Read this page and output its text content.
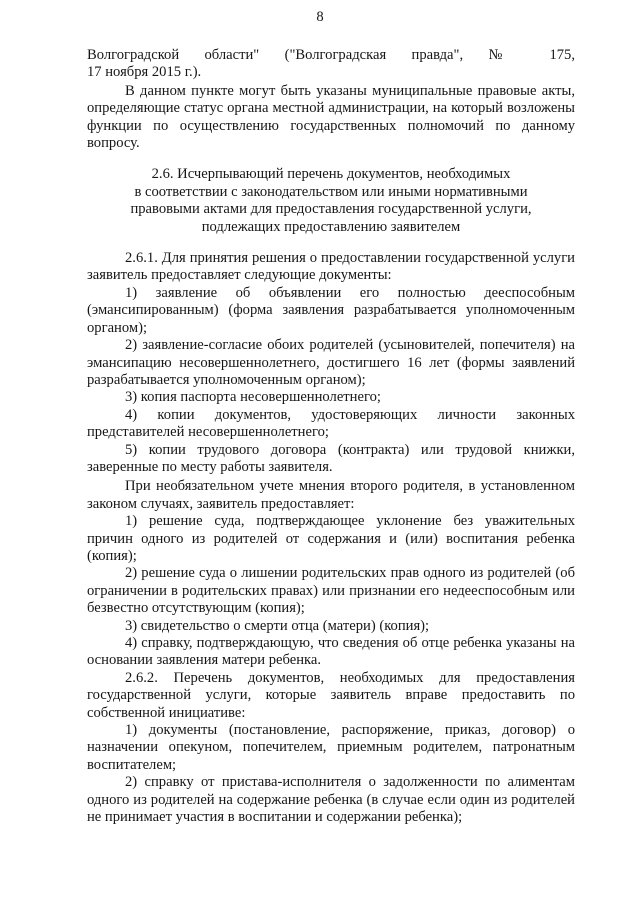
8

Волгоградской области" ("Волгоградская правда", № 175,

17 ноября 2015 г.).

В данном пункте могут быть указаны муниципальные правовые акты, определяющие статус органа местной администрации, на который возложены функции по осуществлению государственных полномочий по данному вопросу.

2.6. Исчерпывающий перечень документов, необходимых
в соответствии с законодательством или иными нормативными
правовыми актами для предоставления государственной услуги,
подлежащих предоставлению заявителем

2.6.1. Для принятия решения о предоставлении государственной услуги заявитель предоставляет следующие документы:

1) заявление об объявлении его полностью дееспособным (эмансипированным) (форма заявления разрабатывается уполномоченным органом);

2) заявление-согласие обоих родителей (усыновителей, попечителя) на эмансипацию несовершеннолетнего, достигшего 16 лет (формы заявлений разрабатывается уполномоченным органом);

3) копия паспорта несовершеннолетнего;

4) копии документов, удостоверяющих личности законных представителей несовершеннолетнего;

5) копии трудового договора (контракта) или трудовой книжки, заверенные по месту работы заявителя.

При необязательном учете мнения второго родителя, в установленном законом случаях, заявитель предоставляет:

1) решение суда, подтверждающее уклонение без уважительных причин одного из родителей от содержания и (или) воспитания ребенка (копия);

2) решение суда о лишении родительских прав одного из родителей (об ограничении в родительских правах) или признании его недееспособным или безвестно отсутствующим (копия);

3) свидетельство о смерти отца (матери) (копия);

4) справку, подтверждающую, что сведения об отце ребенка указаны на основании заявления матери ребенка.

2.6.2. Перечень документов, необходимых для предоставления государственной услуги, которые заявитель вправе предоставить по собственной инициативе:

1) документы (постановление, распоряжение, приказ, договор) о назначении опекуном, попечителем, приемным родителем, патронатным воспитателем;

2) справку от пристава-исполнителя о задолженности по алиментам одного из родителей на содержание ребенка (в случае если один из родителей не принимает участия в воспитании и содержании ребенка);
